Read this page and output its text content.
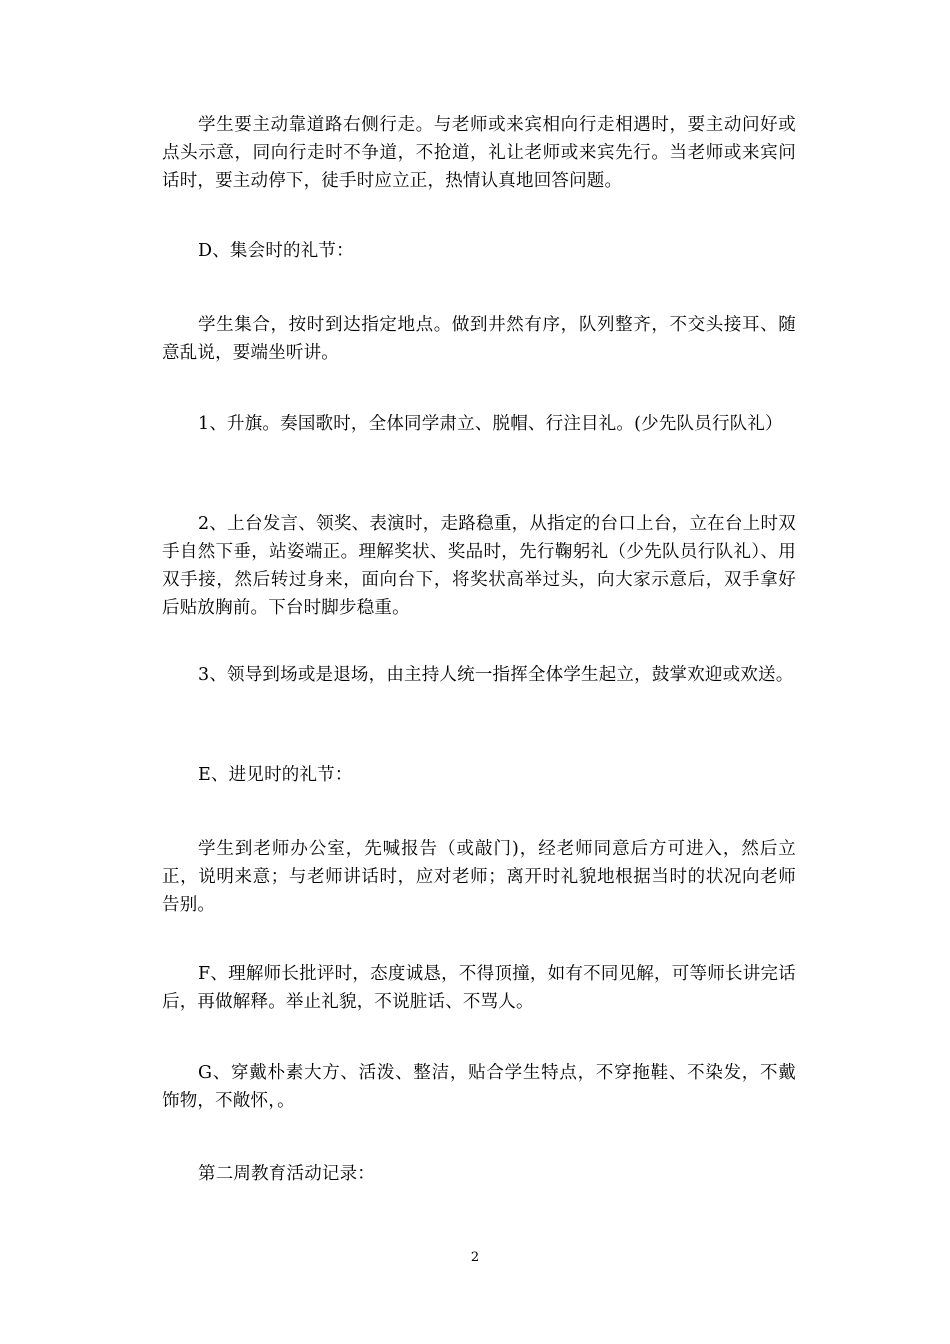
学生要主动靠道路右侧行走。与老师或来宾相向行走相遇时，要主动问好或点头示意，同向行走时不争道，不抢道，礼让老师或来宾先行。当老师或来宾问话时，要主动停下，徒手时应立正，热情认真地回答问题。

D、集会时的礼节：

学生集合，按时到达指定地点。做到井然有序，队列整齐，不交头接耳、随意乱说，要端坐听讲。

1、升旗。奏国歌时，全体同学肃立、脱帽、行注目礼。(少先队员行队礼）

2、上台发言、领奖、表演时，走路稳重，从指定的台口上台，立在台上时双手自然下垂，站姿端正。理解奖状、奖品时，先行鞠躬礼（少先队员行队礼）、用双手接，然后转过身来，面向台下，将奖状高举过头，向大家示意后，双手拿好后贴放胸前。下台时脚步稳重。

3、领导到场或是退场，由主持人统一指挥全体学生起立，鼓掌欢迎或欢送。

E、进见时的礼节：

学生到老师办公室，先喊报告（或敲门)，经老师同意后方可进入，然后立正，说明来意；与老师讲话时，应对老师；离开时礼貌地根据当时的状况向老师告别。

F、理解师长批评时，态度诚恳，不得顶撞，如有不同见解，可等师长讲完话后，再做解释。举止礼貌，不说脏话、不骂人。

G、穿戴朴素大方、活泼、整洁，贴合学生特点，不穿拖鞋、不染发，不戴饰物，不敞怀，。

第二周教育活动记录：

2
